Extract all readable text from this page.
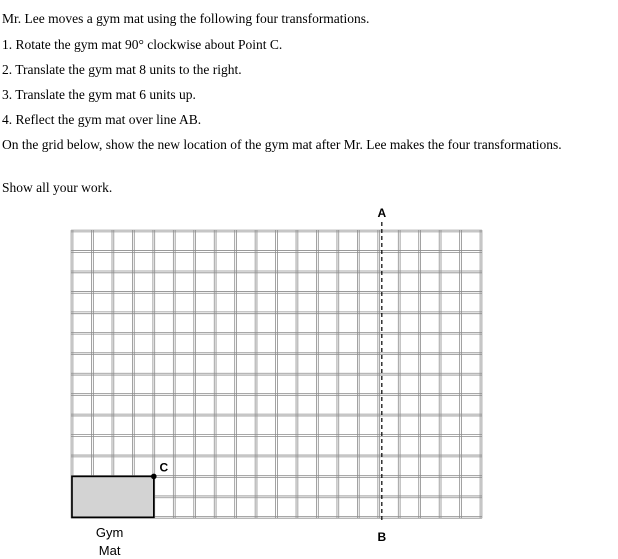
Mr. Lee moves a gym mat using the following four transformations.
1. Rotate the gym mat 90° clockwise about Point C.
2. Translate the gym mat 8 units to the right.
3. Translate the gym mat 6 units up.
4. Reflect the gym mat over line AB.
On the grid below, show the new location of the gym mat after Mr. Lee makes the four transformations.
Show all your work.
A
B
C
Gym
Mat
